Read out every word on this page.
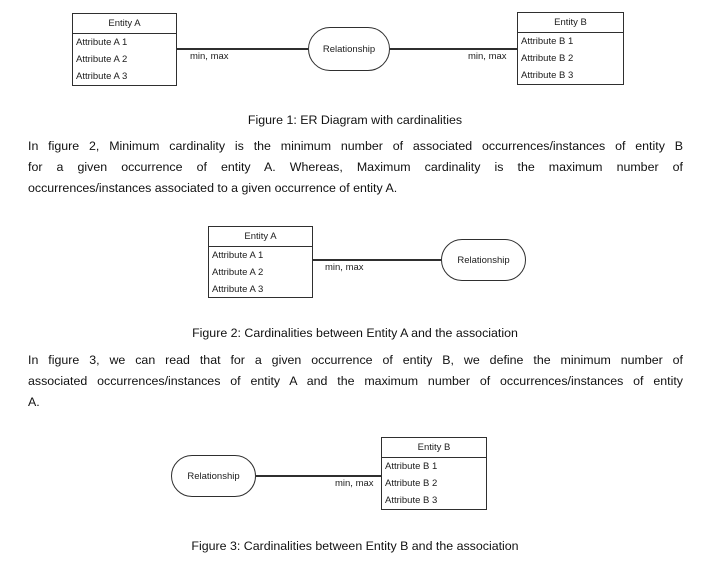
Entity A
Attribute A 1
Attribute A 2
Attribute A 3
min, max
Relationship
min, max
Entity B
Attribute B 1
Attribute B 2
Attribute B 3
Figure 1: ER Diagram with cardinalities
In figure 2, Minimum cardinality is the minimum number of associated occurrences/instances of entity B
for a given occurrence of entity A. Whereas, Maximum cardinality is the maximum number of
occurrences/instances associated to a given occurrence of entity A.
Entity A
Attribute A 1
Attribute A 2
Attribute A 3
min, max
Relationship
Figure 2: Cardinalities between Entity A and the association
In figure 3, we can read that for a given occurrence of entity B, we define the minimum number of
associated occurrences/instances of entity A and the maximum number of occurrences/instances of entity
A.
Relationship
min, max
Entity B
Attribute B 1
Attribute B 2
Attribute B 3
Figure 3: Cardinalities between Entity B and the association
